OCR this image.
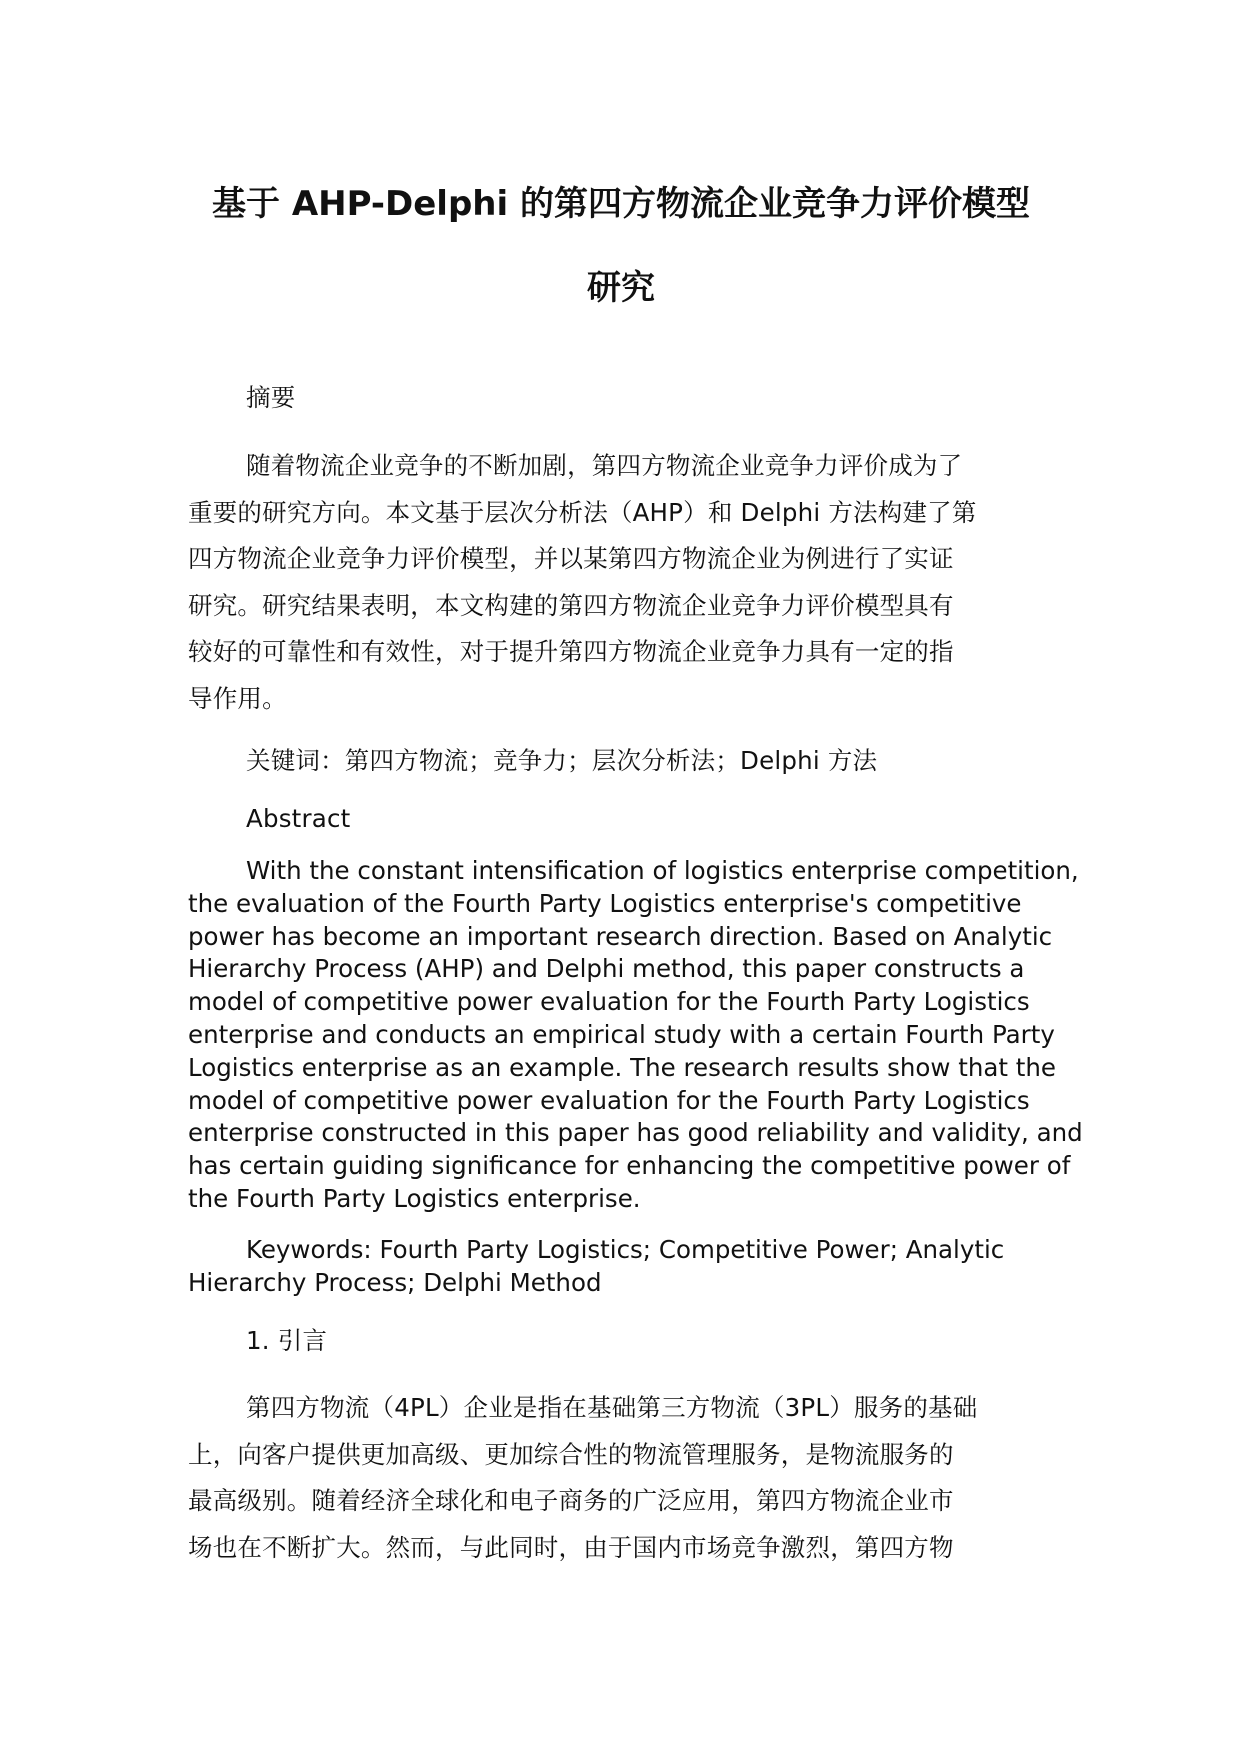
基于 AHP-Delphi 的第四方物流企业竞争力评价模型
研究

摘要

随着物流企业竞争的不断加剧，第四方物流企业竞争力评价成为了
重要的研究方向。本文基于层次分析法（AHP）和 Delphi 方法构建了第
四方物流企业竞争力评价模型，并以某第四方物流企业为例进行了实证
研究。研究结果表明，本文构建的第四方物流企业竞争力评价模型具有
较好的可靠性和有效性，对于提升第四方物流企业竞争力具有一定的指
导作用。

关键词：第四方物流；竞争力；层次分析法；Delphi 方法

Abstract

With the constant intensification of logistics enterprise competition,
the evaluation of the Fourth Party Logistics enterprise's competitive
power has become an important research direction. Based on Analytic
Hierarchy Process (AHP) and Delphi method, this paper constructs a
model of competitive power evaluation for the Fourth Party Logistics
enterprise and conducts an empirical study with a certain Fourth Party
Logistics enterprise as an example. The research results show that the
model of competitive power evaluation for the Fourth Party Logistics
enterprise constructed in this paper has good reliability and validity, and
has certain guiding significance for enhancing the competitive power of
the Fourth Party Logistics enterprise.
Keywords: Fourth Party Logistics; Competitive Power; Analytic
Hierarchy Process; Delphi Method

1. 引言

第四方物流（4PL）企业是指在基础第三方物流（3PL）服务的基础
上，向客户提供更加高级、更加综合性的物流管理服务，是物流服务的
最高级别。随着经济全球化和电子商务的广泛应用，第四方物流企业市
场也在不断扩大。然而，与此同时，由于国内市场竞争激烈，第四方物
